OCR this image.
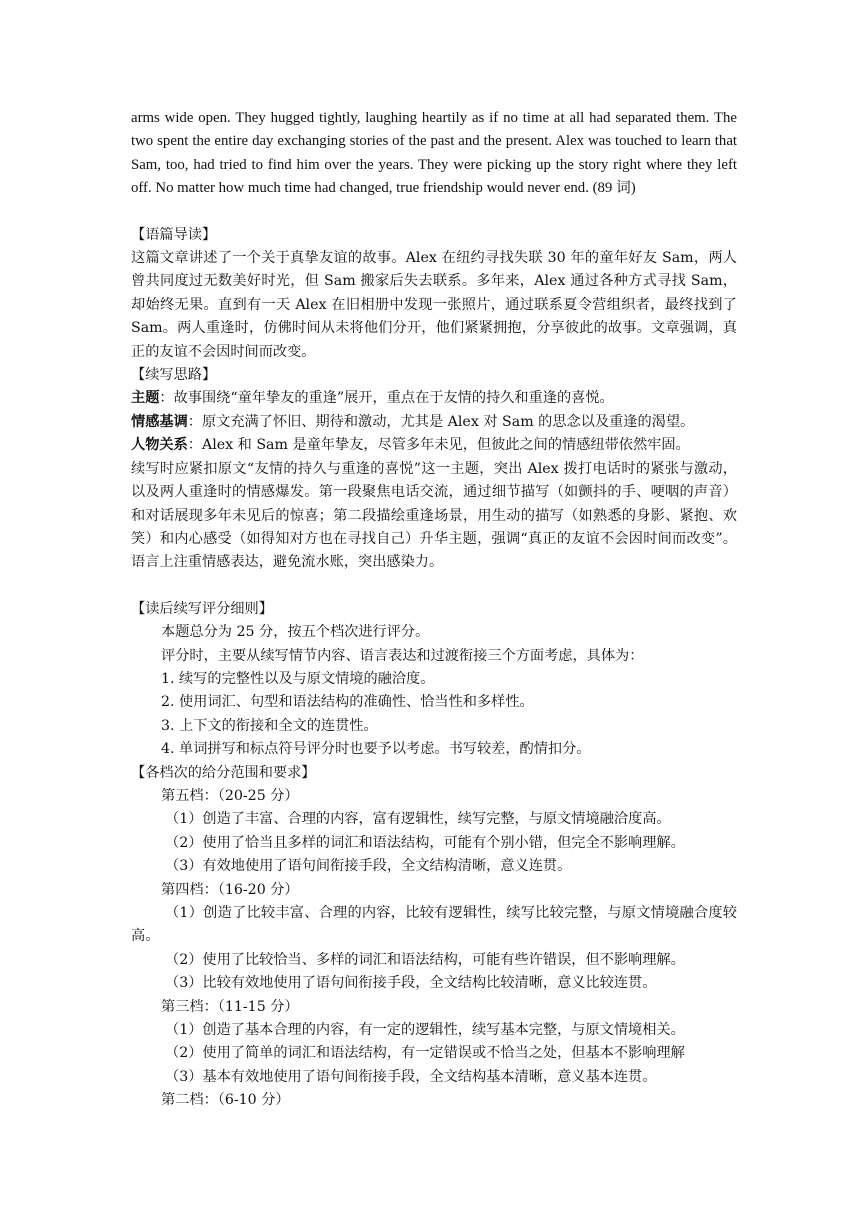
arms wide open. They hugged tightly, laughing heartily as if no time at all had separated them. The two spent the entire day exchanging stories of the past and the present. Alex was touched to learn that Sam, too, had tried to find him over the years. They were picking up the story right where they left off. No matter how much time had changed, true friendship would never end. (89 词)

【语篇导读】

这篇文章讲述了一个关于真挚友谊的故事。Alex 在纽约寻找失联 30 年的童年好友 Sam，两人曾共同度过无数美好时光，但 Sam 搬家后失去联系。多年来，Alex 通过各种方式寻找 Sam，却始终无果。直到有一天 Alex 在旧相册中发现一张照片，通过联系夏令营组织者，最终找到了 Sam。两人重逢时，仿佛时间从未将他们分开，他们紧紧拥抱，分享彼此的故事。文章强调，真正的友谊不会因时间而改变。

【续写思路】
主题：故事围绕“童年挚友的重逢”展开，重点在于友情的持久和重逢的喜悦。
情感基调：原文充满了怀旧、期待和激动，尤其是 Alex 对 Sam 的思念以及重逢的渴望。
人物关系：Alex 和 Sam 是童年挚友，尽管多年未见，但彼此之间的情感纽带依然牢固。

续写时应紧扣原文“友情的持久与重逢的喜悦”这一主题，突出 Alex 拨打电话时的紧张与激动，以及两人重逢时的情感爆发。第一段聚焦电话交流，通过细节描写（如颤抖的手、哽咽的声音）和对话展现多年未见后的惊喜；第二段描绘重逢场景，用生动的描写（如熟悉的身影、紧抱、欢笑）和内心感受（如得知对方也在寻找自己）升华主题，强调“真正的友谊不会因时间而改变”。语言上注重情感表达，避免流水账，突出感染力。

【读后续写评分细则】
本题总分为 25 分，按五个档次进行评分。
评分时，主要从续写情节内容、语言表达和过渡衔接三个方面考虑，具体为：
1. 续写的完整性以及与原文情境的融洽度。
2. 使用词汇、句型和语法结构的准确性、恰当性和多样性。
3. 上下文的衔接和全文的连贯性。
4. 单词拼写和标点符号评分时也要予以考虑。书写较差，酌情扣分。
【各档次的给分范围和要求】
第五档：（20-25 分）
（1）创造了丰富、合理的内容，富有逻辑性，续写完整，与原文情境融洽度高。
（2）使用了恰当且多样的词汇和语法结构，可能有个别小错，但完全不影响理解。
（3）有效地使用了语句间衔接手段，全文结构清晰，意义连贯。
第四档：（16-20 分）

（1）创造了比较丰富、合理的内容，比较有逻辑性，续写比较完整，与原文情境融合度较高。

（2）使用了比较恰当、多样的词汇和语法结构，可能有些许错误，但不影响理解。
（3）比较有效地使用了语句间衔接手段，全文结构比较清晰，意义比较连贯。
第三档：（11-15 分）
（1）创造了基本合理的内容，有一定的逻辑性，续写基本完整，与原文情境相关。
（2）使用了简单的词汇和语法结构，有一定错误或不恰当之处，但基本不影响理解
（3）基本有效地使用了语句间衔接手段，全文结构基本清晰，意义基本连贯。
第二档：（6-10 分）
